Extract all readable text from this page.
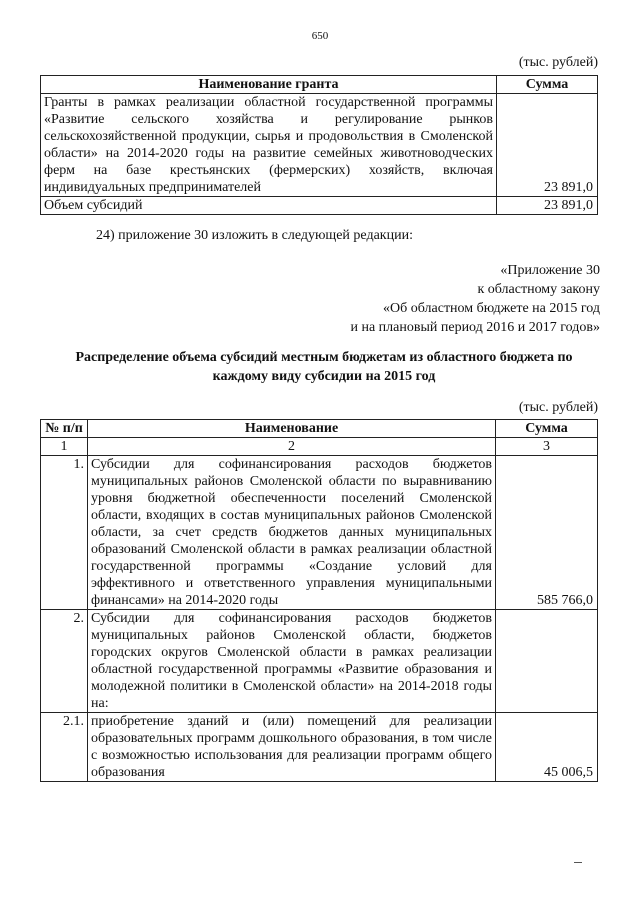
650
(тыс. рублей)
Наименование гранта	Сумма
Гранты в рамках реализации областной государственной программы «Развитие сельского хозяйства и регулирование рынков сельскохозяйственной продукции, сырья и продовольствия в Смоленской области» на 2014-2020 годы на развитие семейных животноводческих ферм на базе крестьянских (фермерских) хозяйств, включая индивидуальных предпринимателей	23 891,0
Объем субсидий	23 891,0
24) приложение 30 изложить в следующей редакции:
«Приложение 30
к областному закону
«Об областном бюджете на 2015 год
и на плановый период 2016 и 2017 годов»
Распределение объема субсидий местным бюджетам из областного бюджета по каждому виду субсидии на 2015 год
(тыс. рублей)
№ п/п	Наименование	Сумма
1	2	3
1.	Субсидии для софинансирования расходов бюджетов муниципальных районов Смоленской области по выравниванию уровня бюджетной обеспеченности поселений Смоленской области, входящих в состав муниципальных районов Смоленской области, за счет средств бюджетов данных муниципальных образований Смоленской области в рамках реализации областной государственной программы «Создание условий для эффективного и ответственного управления муниципальными финансами» на 2014-2020 годы	585 766,0
2.	Субсидии для софинансирования расходов бюджетов муниципальных районов Смоленской области, бюджетов городских округов Смоленской области в рамках реализации областной государственной программы «Развитие образования и молодежной политики в Смоленской области» на 2014-2018 годы на:	
2.1.	приобретение зданий и (или) помещений для реализации образовательных программ дошкольного образования, в том числе с возможностью использования для реализации программ общего образования	45 006,5
